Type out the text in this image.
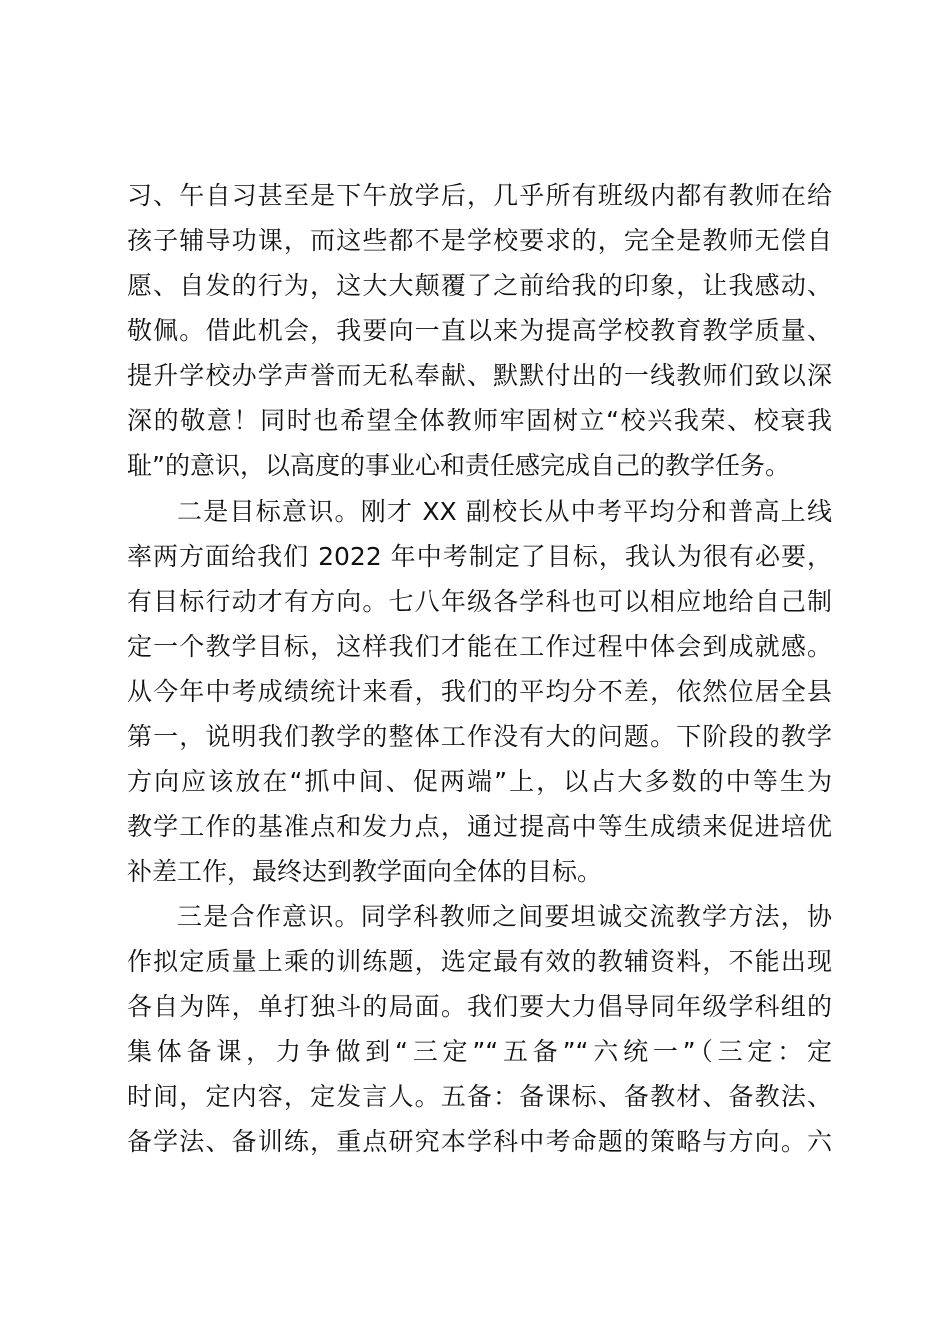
习、午自习甚至是下午放学后，几乎所有班级内都有教师在给
孩子辅导功课，而这些都不是学校要求的，完全是教师无偿自
愿、自发的行为，这大大颠覆了之前给我的印象，让我感动、
敬佩。借此机会，我要向一直以来为提高学校教育教学质量、
提升学校办学声誉而无私奉献、默默付出的一线教师们致以深
深的敬意！同时也希望全体教师牢固树立“校兴我荣、校衰我
耻”的意识，以高度的事业心和责任感完成自己的教学任务。
二是目标意识。刚才 XX 副校长从中考平均分和普高上线
率两方面给我们 2022 年中考制定了目标，我认为很有必要，
有目标行动才有方向。七八年级各学科也可以相应地给自己制
定一个教学目标，这样我们才能在工作过程中体会到成就感。
从今年中考成绩统计来看，我们的平均分不差，依然位居全县
第一，说明我们教学的整体工作没有大的问题。下阶段的教学
方向应该放在“抓中间、促两端”上，以占大多数的中等生为
教学工作的基准点和发力点，通过提高中等生成绩来促进培优
补差工作，最终达到教学面向全体的目标。
三是合作意识。同学科教师之间要坦诚交流教学方法，协
作拟定质量上乘的训练题，选定最有效的教辅资料，不能出现
各自为阵，单打独斗的局面。我们要大力倡导同年级学科组的
集体备课，力争做到“三定”“五备”“六统一”（三定：定
时间，定内容，定发言人。五备：备课标、备教材、备教法、
备学法、备训练，重点研究本学科中考命题的策略与方向。六
